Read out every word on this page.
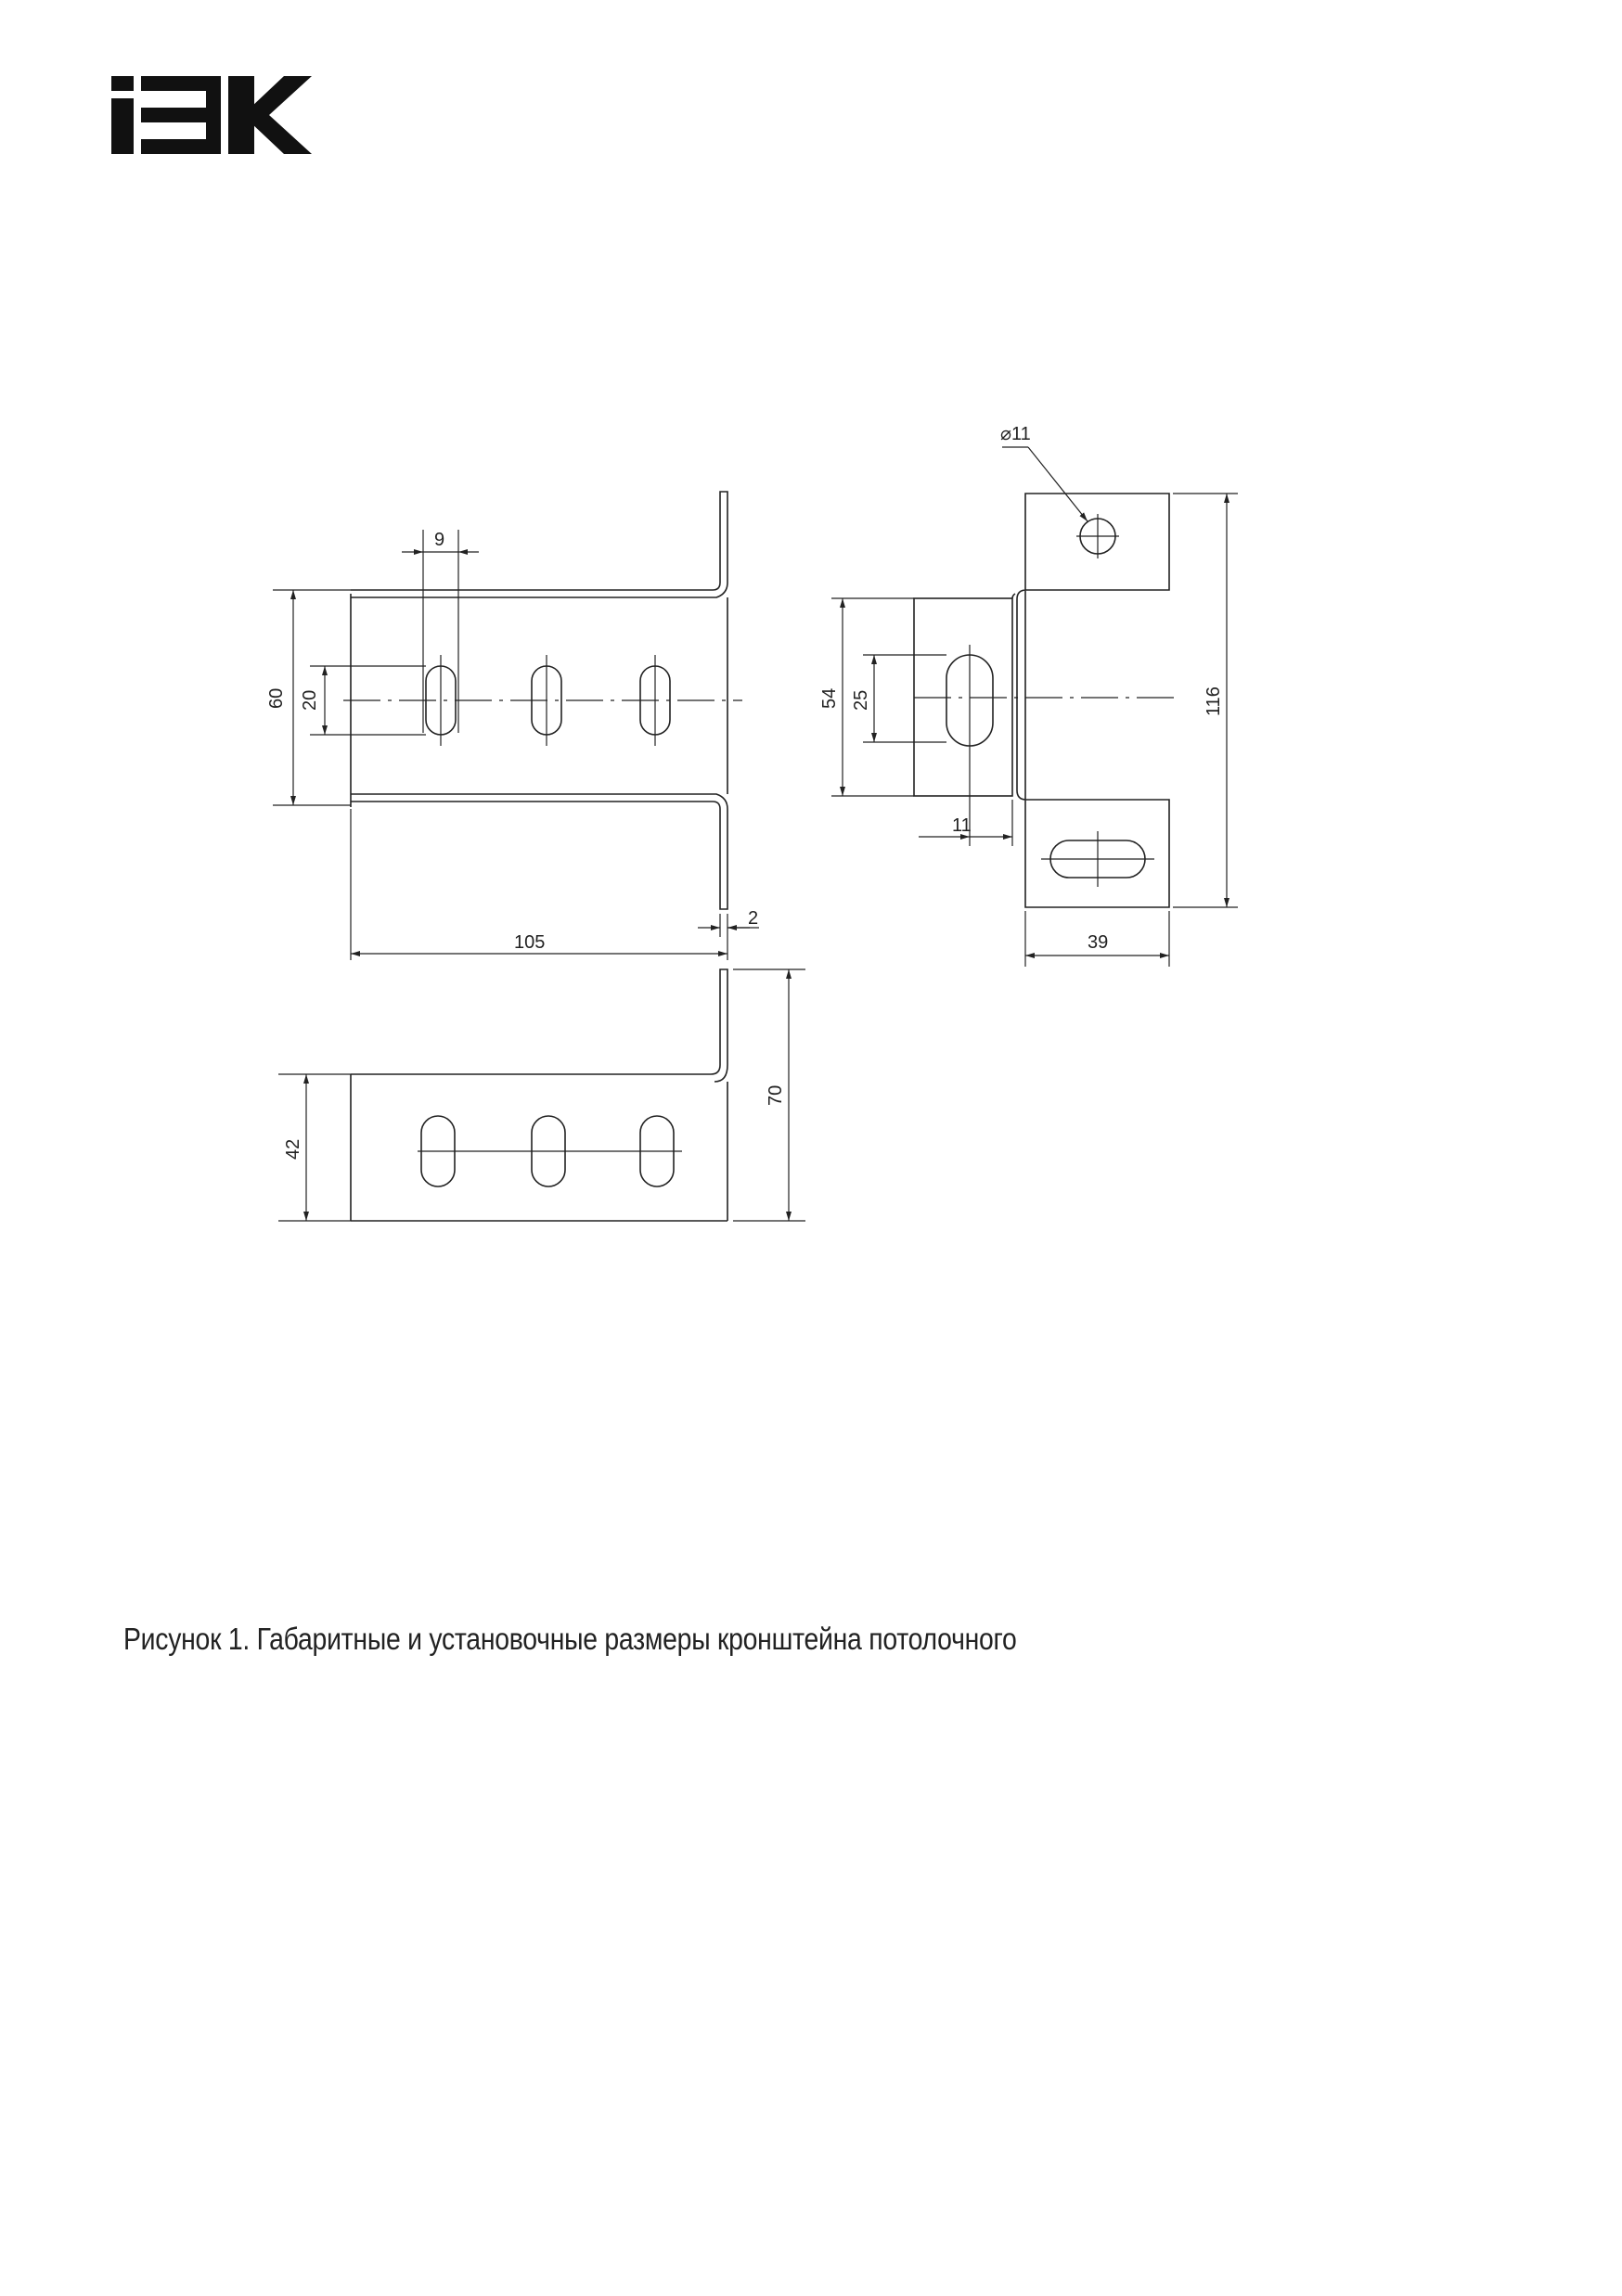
9
60 20
105
2
54 25
11
⌀11
116
39
42
70
Рисунок 1. Габаритные и установочные размеры кронштейна потолочного
